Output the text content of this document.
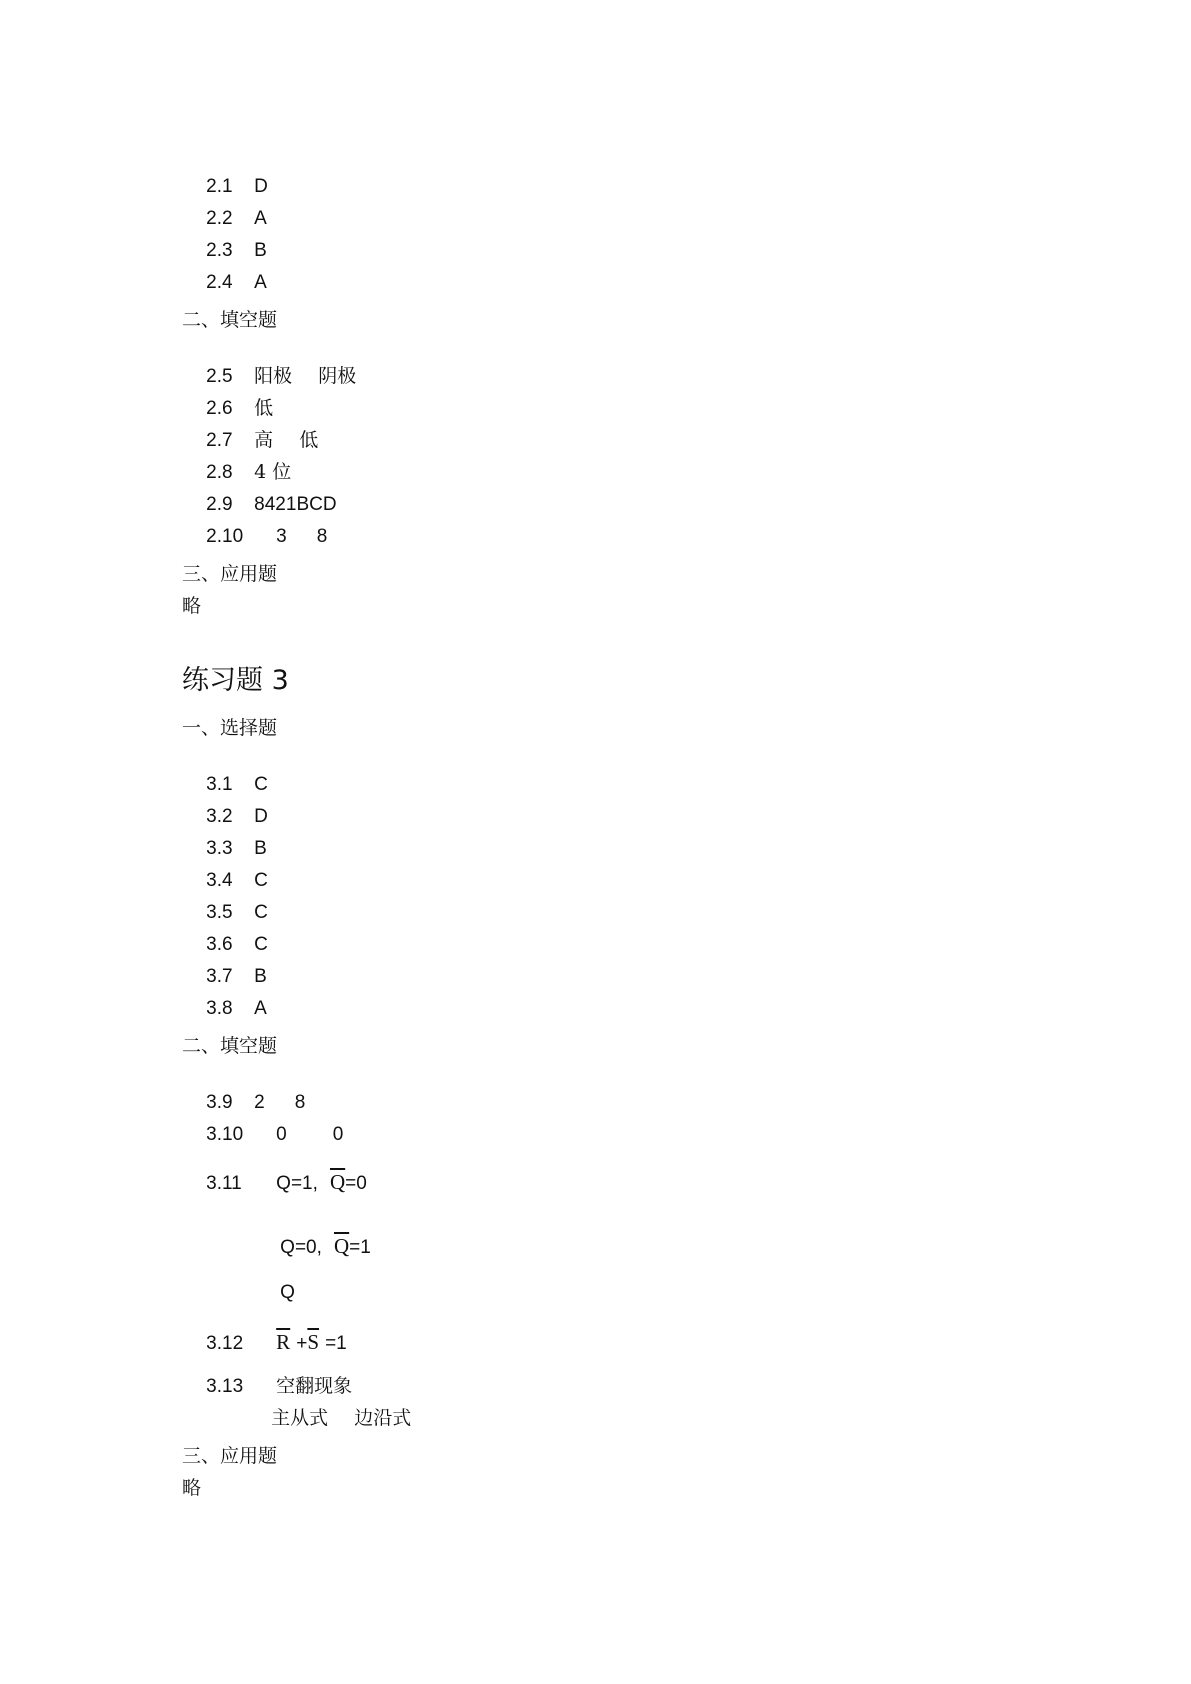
2.1 D

2.2 A

2.3 B

2.4 A

二、填空题

2.5 阳极 阴极

2.6 低

2.7 高 低

2.8 4 位

2.9 8421BCD

2.10 3 8

三、应用题
略
练习题 3
一、选择题

3.1 C

3.2 D

3.3 B

3.4 C

3.5 C

3.6 C

3.7 B

3.8 A

二、填空题

3.9 2 8

3.10 0 0

3.11 Q=1, $\overline{Q}=0$

Q=0, $\overline{Q}=1$

Q

3.12 $\overline{R} +\overline{S} =1$

3.13 空翻现象

主从式 边沿式

三、应用题
略
